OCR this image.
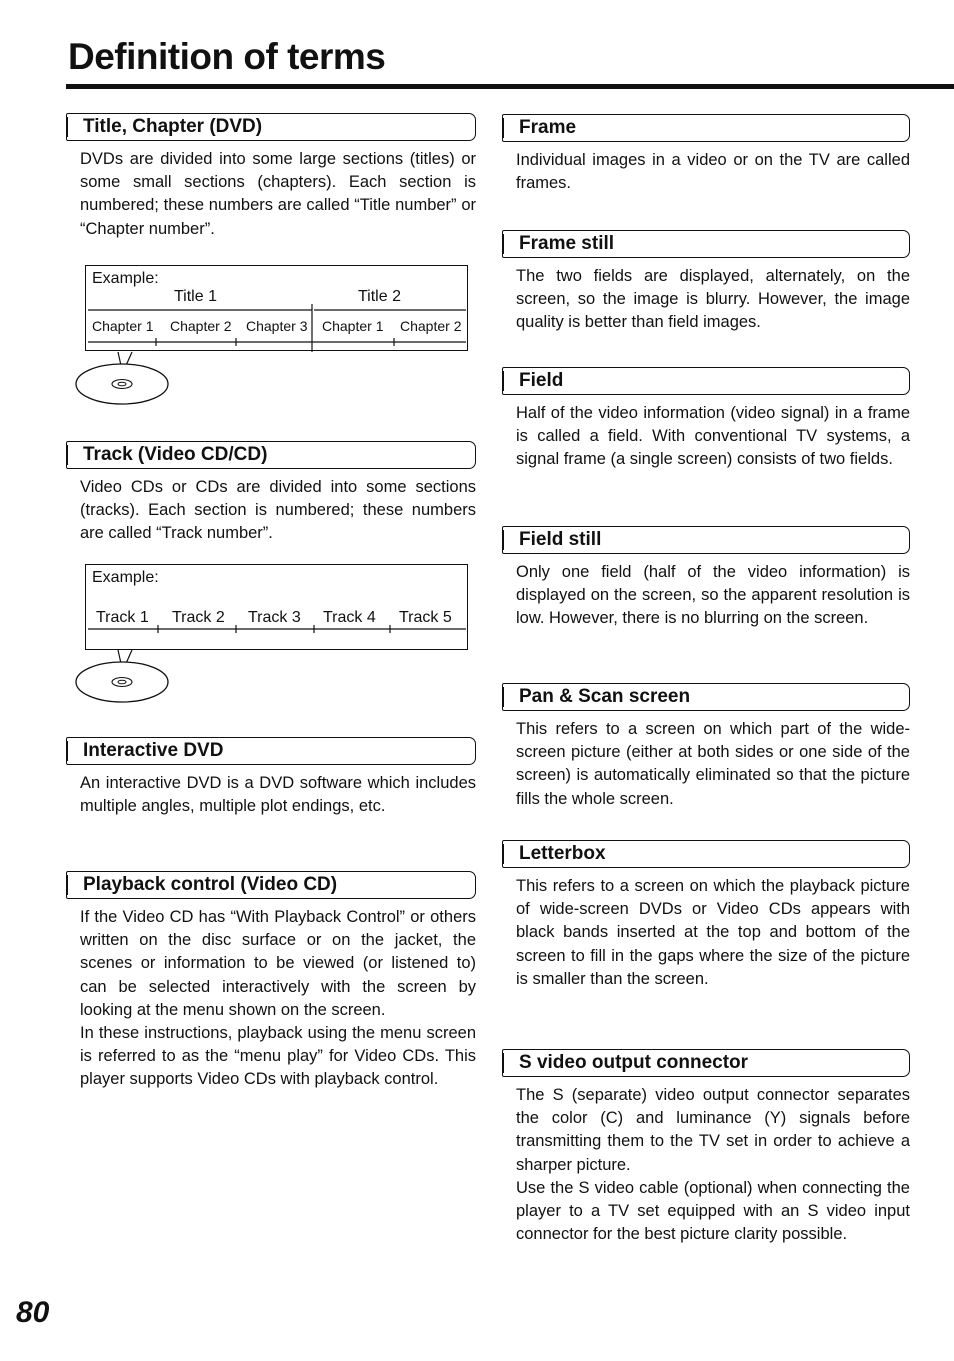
Definition of terms
Title, Chapter (DVD)

DVDs are divided into some large sections (titles) or some small sections (chapters). Each section is numbered; these numbers are called “Title number” or “Chapter number”.

Example:
Title 1	Title 2
Chapter 1 Chapter 2 Chapter 3 Chapter 1 Chapter 2
Track (Video CD/CD)

Video CDs or CDs are divided into some sections (tracks). Each section is numbered; these numbers are called “Track number”.

Example:
Track 1 Track 2 Track 3 Track 4 Track 5
Interactive DVD

An interactive DVD is a DVD software which includes multiple angles, multiple plot endings, etc.

Playback control (Video CD)

If the Video CD has “With Playback Control” or others written on the disc surface or on the jacket, the scenes or information to be viewed (or listened to) can be selected interactively with the screen by looking at the menu shown on the screen.

In these instructions, playback using the menu screen is referred to as the “menu play” for Video CDs. This player supports Video CDs with playback control.

Frame

Individual images in a video or on the TV are called frames.

Frame still

The two fields are displayed, alternately, on the screen, so the image is blurry. However, the image quality is better than field images.

Field

Half of the video information (video signal) in a frame is called a field. With conventional TV systems, a signal frame (a single screen) consists of two fields.

Field still

Only one field (half of the video information) is displayed on the screen, so the apparent resolution is low. However, there is no blurring on the screen.

Pan & Scan screen

This refers to a screen on which part of the wide-screen picture (either at both sides or one side of the screen) is automatically eliminated so that the picture fills the whole screen.

Letterbox

This refers to a screen on which the playback picture of wide-screen DVDs or Video CDs appears with black bands inserted at the top and bottom of the screen to fill in the gaps where the size of the picture is smaller than the screen.

S video output connector

The S (separate) video output connector separates the color (C) and luminance (Y) signals before transmitting them to the TV set in order to achieve a sharper picture.

Use the S video cable (optional) when connecting the player to a TV set equipped with an S video input connector for the best picture clarity possible.

80
